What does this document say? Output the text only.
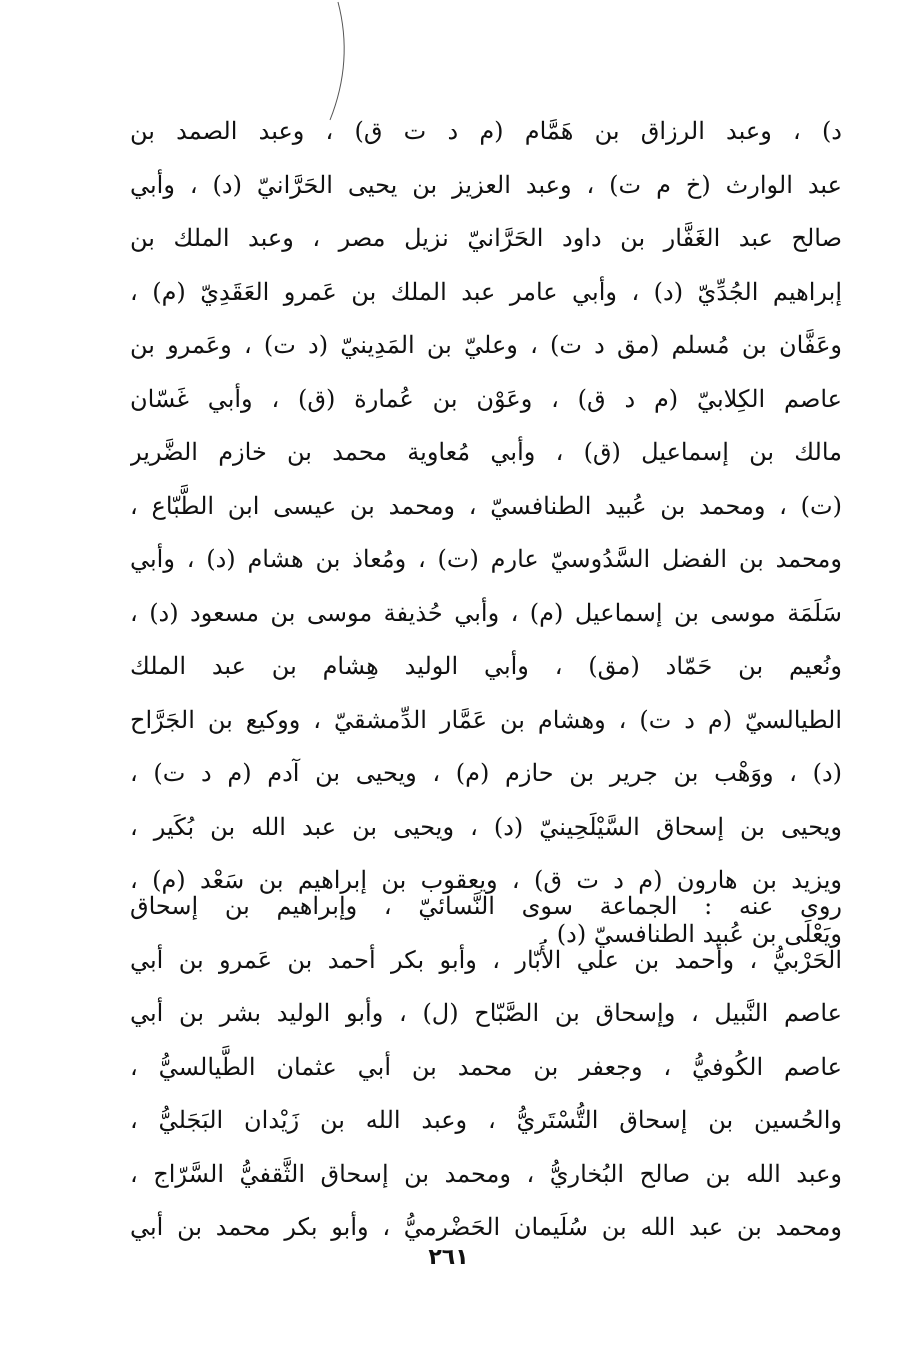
د) ، وعبد الرزاق بن هَمَّام (م د ت ق) ، وعبد الصمد بن
عبد الوارث (خ م ت) ، وعبد العزيز بن يحيى الحَرَّانيّ (د) ، وأبي
صالح عبد الغَفَّار بن داود الحَرَّانيّ نزيل مصر ، وعبد الملك بن
إبراهيم الجُدِّيّ (د) ، وأبي عامر عبد الملك بن عَمرو العَقَدِيّ (م) ،
وعَفَّان بن مُسلم (مق د ت) ، وعليّ بن المَدِينيّ (د ت) ، وعَمرو بن
عاصم الكِلابيّ (م د ق) ، وعَوْن بن عُمارة (ق) ، وأبي غَسّان
مالك بن إسماعيل (ق) ، وأبي مُعاوية محمد بن خازم الضَّرير
(ت) ، ومحمد بن عُبيد الطنافسيّ ، ومحمد بن عيسى ابن الطَّبّاع ،
ومحمد بن الفضل السَّدُوسيّ عارم (ت) ، ومُعاذ بن هشام (د) ، وأبي
سَلَمَة موسى بن إسماعيل (م) ، وأبي حُذيفة موسى بن مسعود (د) ،
ونُعيم بن حَمّاد (مق) ، وأبي الوليد هِشام بن عبد الملك
الطيالسيّ (م د ت) ، وهشام بن عَمَّار الدِّمشقيّ ، ووكيع بن الجَرَّاح
(د) ، ووَهْب بن جرير بن حازم (م) ، ويحيى بن آدم (م د ت) ،
ويحيى بن إسحاق السَّيْلَحِينيّ (د) ، ويحيى بن عبد الله بن بُكَير ،
ويزيد بن هارون (م د ت ق) ، ويعقوب بن إبراهيم بن سَعْد (م) ،
ويَعْلَى بن عُبيد الطنافسيّ (د) .
روى عنه : الجماعة سوى النَّسائيّ ، وإبراهيم بن إسحاق
الحَرْبيُّ ، وأحمد بن علي الأَبّار ، وأبو بكر أحمد بن عَمرو بن أبي
عاصم النَّبيل ، وإسحاق بن الصَّبّاح (ل) ، وأبو الوليد بشر بن أبي
عاصم الكُوفيُّ ، وجعفر بن محمد بن أبي عثمان الطَّيالسيُّ ،
والحُسين بن إسحاق التُّسْتَريُّ ، وعبد الله بن زَيْدان البَجَليُّ ،
وعبد الله بن صالح البُخاريُّ ، ومحمد بن إسحاق الثَّقفيُّ السَّرّاج ،
ومحمد بن عبد الله بن سُلَيمان الحَضْرميُّ ، وأبو بكر محمد بن أبي
٢٦١
